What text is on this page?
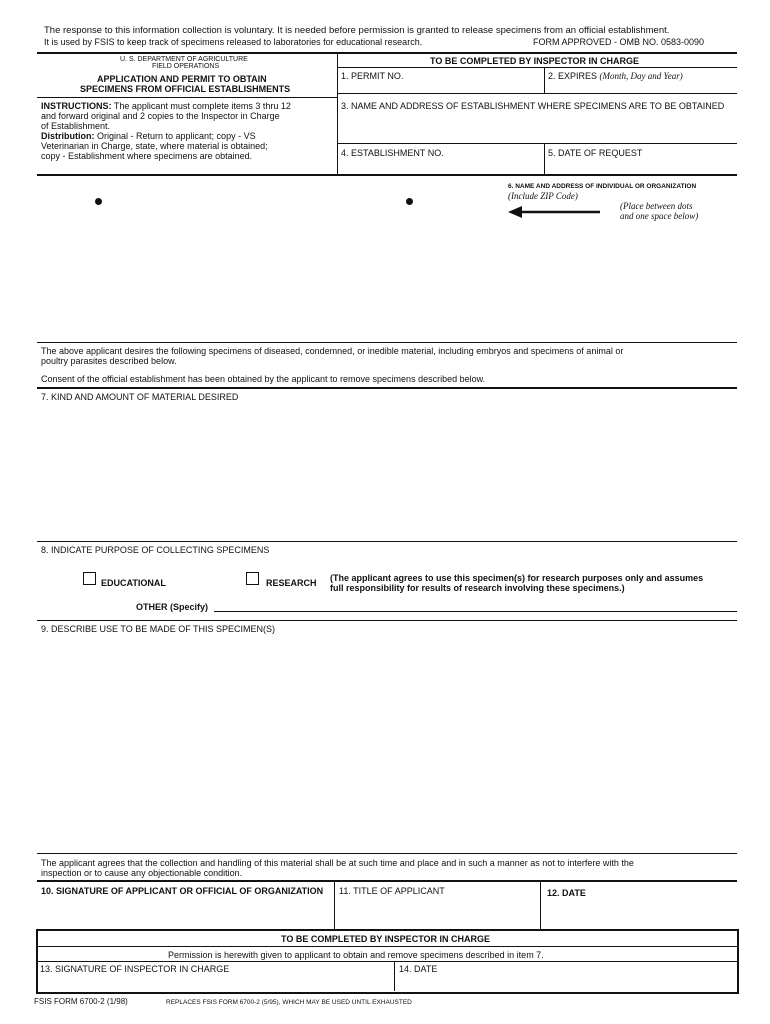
The response to this information collection is voluntary. It is needed before permission is granted to release specimens from an official establishment.
It is used by FSIS to keep track of specimens released to laboratories for educational research.	FORM APPROVED - OMB NO. 0583-0090
U. S. DEPARTMENT OF AGRICULTURE
FIELD OPERATIONS
APPLICATION AND PERMIT TO OBTAIN
SPECIMENS FROM OFFICIAL ESTABLISHMENTS
INSTRUCTIONS: The applicant must complete items 3 thru 12
and forward original and 2 copies to the Inspector in Charge
of Establishment.
Distribution: Original - Return to applicant; copy - VS
Veterinarian in Charge, state, where material is obtained;
copy - Establishment where specimens are obtained.
TO BE COMPLETED BY INSPECTOR IN CHARGE
1. PERMIT NO.	2. EXPIRES (Month, Day and Year)
3. NAME AND ADDRESS OF ESTABLISHMENT WHERE SPECIMENS ARE TO BE OBTAINED
4. ESTABLISHMENT NO.	5. DATE OF REQUEST
6. NAME AND ADDRESS OF INDIVIDUAL OR ORGANIZATION
(Include ZIP Code)
(Place between dots
and one space below)
The above applicant desires the following specimens of diseased, condemned, or inedible material, including embryos and specimens of animal or
poultry parasites described below.
Consent of the official establishment has been obtained by the applicant to remove specimens described below.
7. KIND AND AMOUNT OF MATERIAL DESIRED
8. INDICATE PURPOSE OF COLLECTING SPECIMENS
EDUCATIONAL	RESEARCH (The applicant agrees to use this specimen(s) for research purposes only and assumes
full responsibility for results of research involving these specimens.)
OTHER (Specify)
9. DESCRIBE USE TO BE MADE OF THIS SPECIMEN(S)
The applicant agrees that the collection and handling of this material shall be at such time and place and in such a manner as not to interfere with the
inspection or to cause any objectionable condition.
10. SIGNATURE OF APPLICANT OR OFFICIAL OF ORGANIZATION 11. TITLE OF APPLICANT	12. DATE
TO BE COMPLETED BY INSPECTOR IN CHARGE
Permission is herewith given to applicant to obtain and remove specimens described in item 7.
13. SIGNATURE OF INSPECTOR IN CHARGE	14. DATE
FSIS FORM 6700-2 (1/98)	REPLACES FSIS FORM 6700-2 (5/95), WHICH MAY BE USED UNTIL EXHAUSTED
